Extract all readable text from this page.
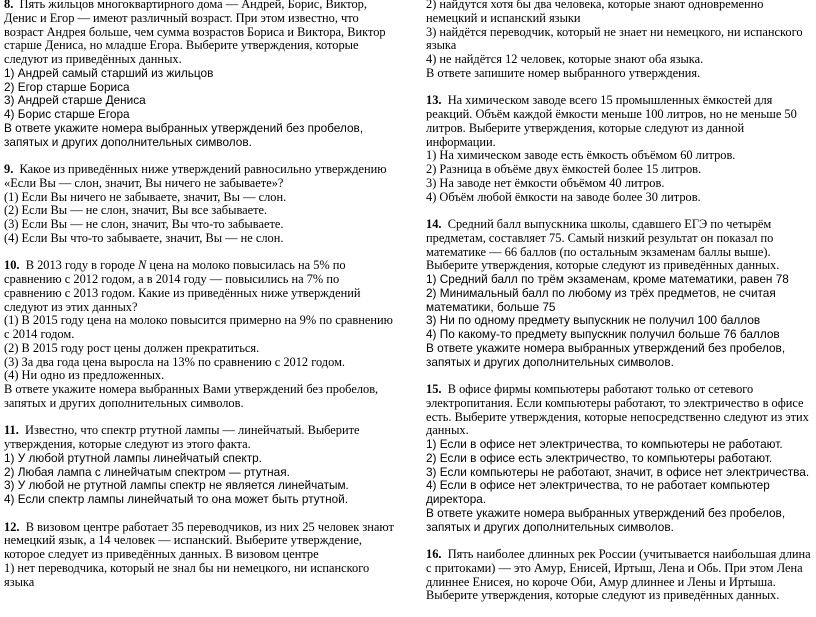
8. Пять жильцов многоквартирного дома — Андрей, Борис, Виктор, Денис и Егор — имеют различный возраст. При этом известно, что возраст Андрея больше, чем сумма возрастов Бориса и Виктора, Виктор старше Дениса, но младше Егора. Выберите утверждения, которые следуют из приведённых данных.

1) Андрей самый старший из жильцов
2) Егор старше Бориса
3) Андрей старше Дениса
4) Борис старше Егора
В ответе укажите номера выбранных утверждений без пробелов, запятых и других дополнительных символов.

9. Какое из приведённых ниже утверждений равносильно утверждению «Если Вы — слон, значит, Вы ничего не забываете»?

(1) Если Вы ничего не забываете, значит, Вы — слон.
(2) Если Вы — не слон, значит, Вы все забываете.
(3) Если Вы — не слон, значит, Вы что-то забываете.
(4) Если Вы что-то забываете, значит, Вы — не слон.

10. В 2013 году в городе N цена на молоко повысилась на 5% по сравнению с 2012 годом, а в 2014 году — повысились на 7% по сравнению с 2013 годом. Какие из приведённых ниже утверждений следуют из этих данных?

(1) В 2015 году цена на молоко повысится примерно на 9% по сравнению с 2014 годом.
(2) В 2015 году рост цены должен прекратиться.
(3) За два года цена выросла на 13% по сравнению с 2012 годом.
(4) Ни одно из предложенных.
В ответе укажите номера выбранных Вами утверждений без пробелов, запятых и других дополнительных символов.

11. Известно, что спектр ртутной лампы — линейчатый. Выберите утверждения, которые следуют из этого факта.

1) У любой ртутной лампы линейчатый спектр.
2) Любая лампа с линейчатым спектром — ртутная.
3) У любой не ртутной лампы спектр не является линейчатым.
4) Если спектр лампы линейчатый то она может быть ртутной.

12. В визовом центре работает 35 переводчиков, из них 25 человек знают немецкий язык, а 14 человек — испанский. Выберите утверждение, которое следует из приведённых данных. В визовом центре

1) нет переводчика, который не знал бы ни немецкого, ни испанского языка
2) найдутся хотя бы два человека, которые знают одновременно немецкий и испанский языки
3) найдётся переводчик, который не знает ни немецкого, ни испанского языка
4) не найдётся 12 человек, которые знают оба языка.
В ответе запишите номер выбранного утверждения.

13. На химическом заводе всего 15 промышленных ёмкостей для реакций. Объём каждой ёмкости меньше 100 литров, но не меньше 50 литров. Выберите утверждения, которые следуют из данной информации.

1) На химическом заводе есть ёмкость объёмом 60 литров.
2) Разница в объёме двух ёмкостей более 15 литров.
3) На заводе нет ёмкости объёмом 40 литров.
4) Объём любой ёмкости на заводе более 30 литров.

14. Средний балл выпускника школы, сдавшего ЕГЭ по четырём предметам, составляет 75. Самый низкий результат он показал по математике — 66 баллов (по остальным экзаменам баллы выше). Выберите утверждения, которые следуют из приведённых данных.

1) Средний балл по трём экзаменам, кроме математики, равен 78
2) Минимальный балл по любому из трёх предметов, не считая математики, больше 75
3) Ни по одному предмету выпускник не получил 100 баллов
4) По какому-то предмету выпускник получил больше 76 баллов
В ответе укажите номера выбранных утверждений без пробелов, запятых и других дополнительных символов.

15. В офисе фирмы компьютеры работают только от сетевого электропитания. Если компьютеры работают, то электричество в офисе есть. Выберите утверждения, которые непосредственно следуют из этих данных.

1) Если в офисе нет электричества, то компьютеры не работают.
2) Если в офисе есть электричество, то компьютеры работают.
3) Если компьютеры не работают, значит, в офисе нет электричества.
4) Если в офисе нет электричества, то не работает компьютер директора.
В ответе укажите номера выбранных утверждений без пробелов, запятых и других дополнительных символов.

16. Пять наиболее длинных рек России (учитывается наибольшая длина с притоками) — это Амур, Енисей, Иртыш, Лена и Обь. При этом Лена длиннее Енисея, но короче Оби, Амур длиннее и Лены и Иртыша. Выберите утверждения, которые следуют из приведённых данных.
